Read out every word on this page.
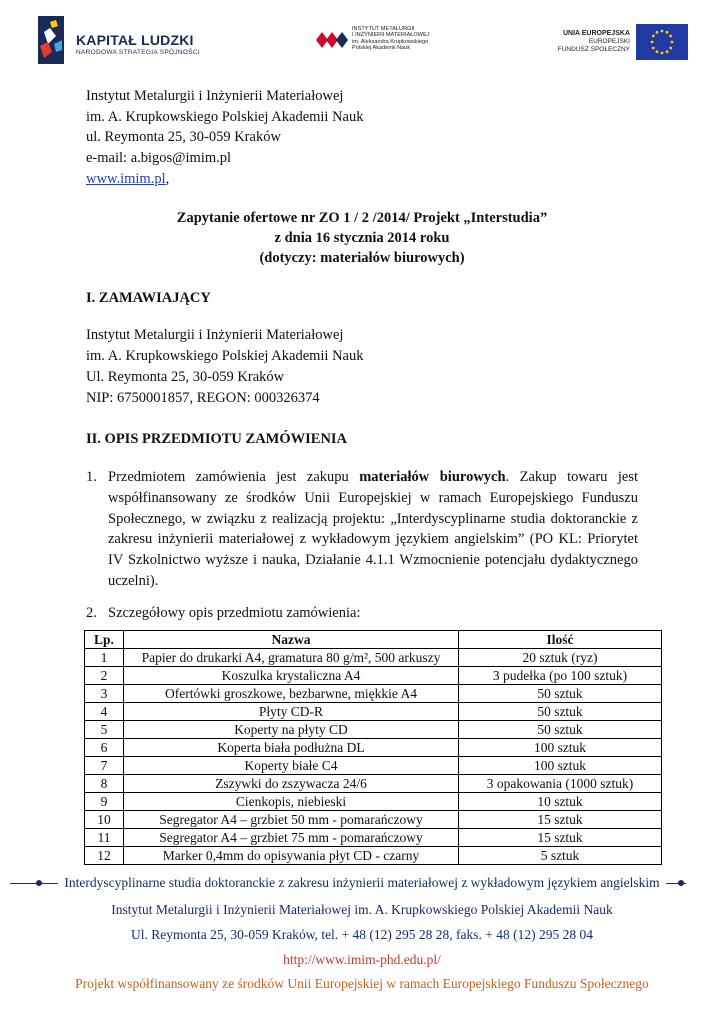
KAPITAŁ LUDZKI
NARODOWA STRATEGIA SPÓJNOŚCI
INSTYTUT METALURGII
I INŻYNIERII MATERIAŁOWEJ
im. Aleksandra Krupkowskiego
Polskiej Akademii Nauk
UNIA EUROPEJSKA
EUROPEJSKI
FUNDUSZ SPOŁECZNY
Instytut Metalurgii i Inżynierii Materiałowej
im. A. Krupkowskiego Polskiej Akademii Nauk
ul. Reymonta 25, 30-059 Kraków
e-mail: a.bigos@imim.pl
www.imim.pl,
Zapytanie ofertowe nr ZO 1 / 2 /2014/ Projekt „Interstudia”
z dnia 16 stycznia 2014 roku
(dotyczy: materiałów biurowych)
I. ZAMAWIAJĄCY
Instytut Metalurgii i Inżynierii Materiałowej
im. A. Krupkowskiego Polskiej Akademii Nauk
Ul. Reymonta 25, 30-059 Kraków
NIP: 6750001857, REGON: 000326374
II. OPIS PRZEDMIOTU ZAMÓWIENIA
1. Przedmiotem zamówienia jest zakupu materiałów biurowych. Zakup towaru jest współfinansowany ze środków Unii Europejskiej w ramach Europejskiego Funduszu Społecznego, w związku z realizacją projektu: „Interdyscyplinarne studia doktoranckie z zakresu inżynierii materiałowej z wykładowym językiem angielskim” (PO KL: Priorytet IV Szkolnictwo wyższe i nauka, Działanie 4.1.1 Wzmocnienie potencjału dydaktycznego uczelni).
2. Szczegółowy opis przedmiotu zamówienia:
Lp.	Nazwa	Ilość
1	Papier do drukarki A4, gramatura 80 g/m², 500 arkuszy	20 sztuk (ryz)
2	Koszulka krystaliczna A4	3 pudełka (po 100 sztuk)
3	Ofertówki groszkowe, bezbarwne, miękkie A4	50 sztuk
4	Płyty CD-R	50 sztuk
5	Koperty na płyty CD	50 sztuk
6	Koperta biała podłużna DL	100 sztuk
7	Koperty białe C4	100 sztuk
8	Zszywki do zszywacza 24/6	3 opakowania (1000 sztuk)
9	Cienkopis, niebieski	10 sztuk
10	Segregator A4 – grzbiet 50 mm - pomarańczowy	15 sztuk
11	Segregator A4 – grzbiet 75 mm - pomarańczowy	15 sztuk
12	Marker 0,4mm do opisywania płyt CD - czarny	5 sztuk
Interdyscyplinarne studia doktoranckie z zakresu inżynierii materiałowej z wykładowym językiem angielskim
Instytut Metalurgii i Inżynierii Materiałowej im. A. Krupkowskiego Polskiej Akademii Nauk
Ul. Reymonta 25, 30-059 Kraków, tel. + 48 (12) 295 28 28, faks. + 48 (12) 295 28 04
http://www.imim-phd.edu.pl/
Projekt współfinansowany ze środków Unii Europejskiej w ramach Europejskiego Funduszu Społecznego
